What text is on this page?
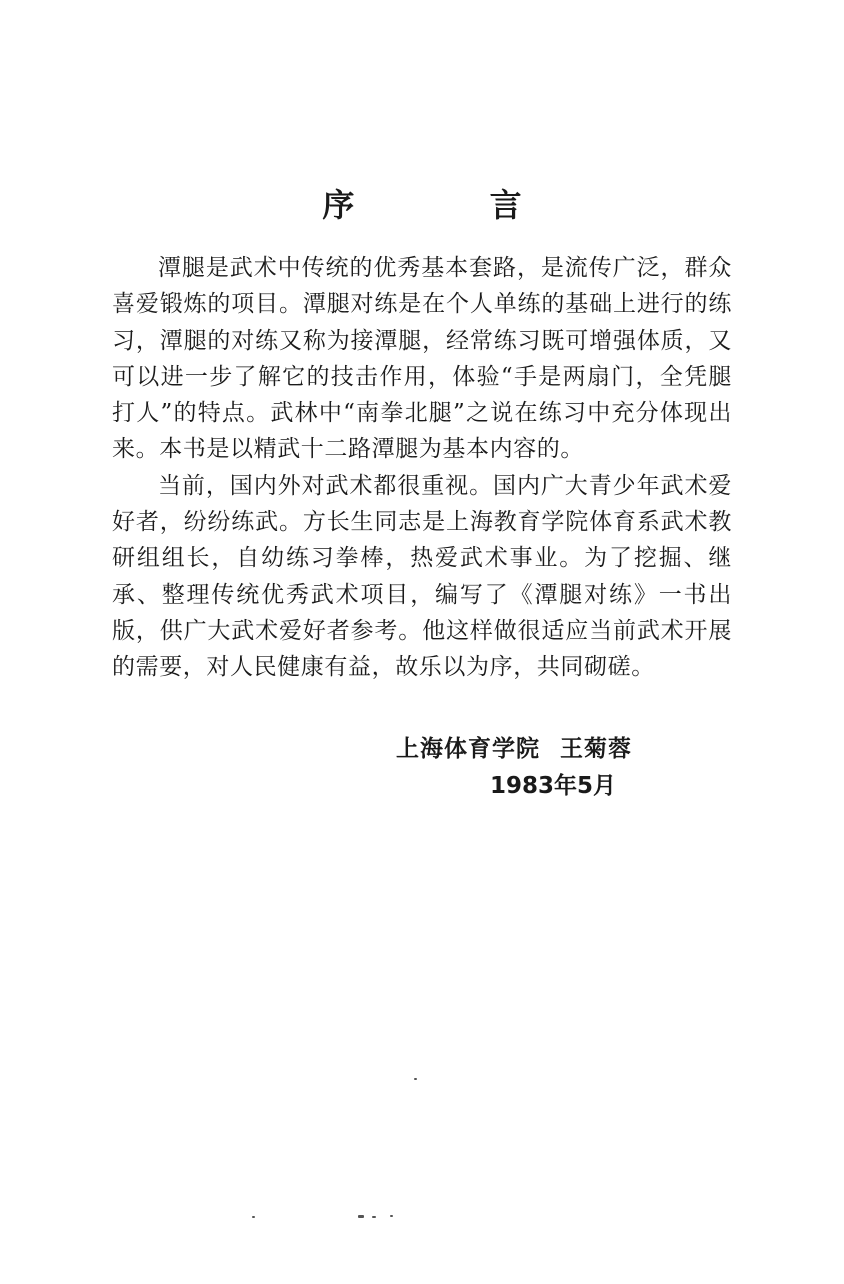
序 言

潭腿是武术中传统的优秀基本套路，是流传广泛，群众喜爱锻炼的项目。潭腿对练是在个人单练的基础上进行的练习，潭腿的对练又称为接潭腿，经常练习既可增强体质，又可以进一步了解它的技击作用，体验“手是两扇门，全凭腿打人”的特点。武林中“南拳北腿”之说在练习中充分体现出来。本书是以精武十二路潭腿为基本内容的。

当前，国内外对武术都很重视。国内广大青少年武术爱好者，纷纷练武。方长生同志是上海教育学院体育系武术教研组组长，自幼练习拳棒，热爱武术事业。为了挖掘、继承、整理传统优秀武术项目，编写了《潭腿对练》一书出版，供广大武术爱好者参考。他这样做很适应当前武术开展的需要，对人民健康有益，故乐以为序，共同砌磋。

上海体育学院 王菊蓉
1983年5月
